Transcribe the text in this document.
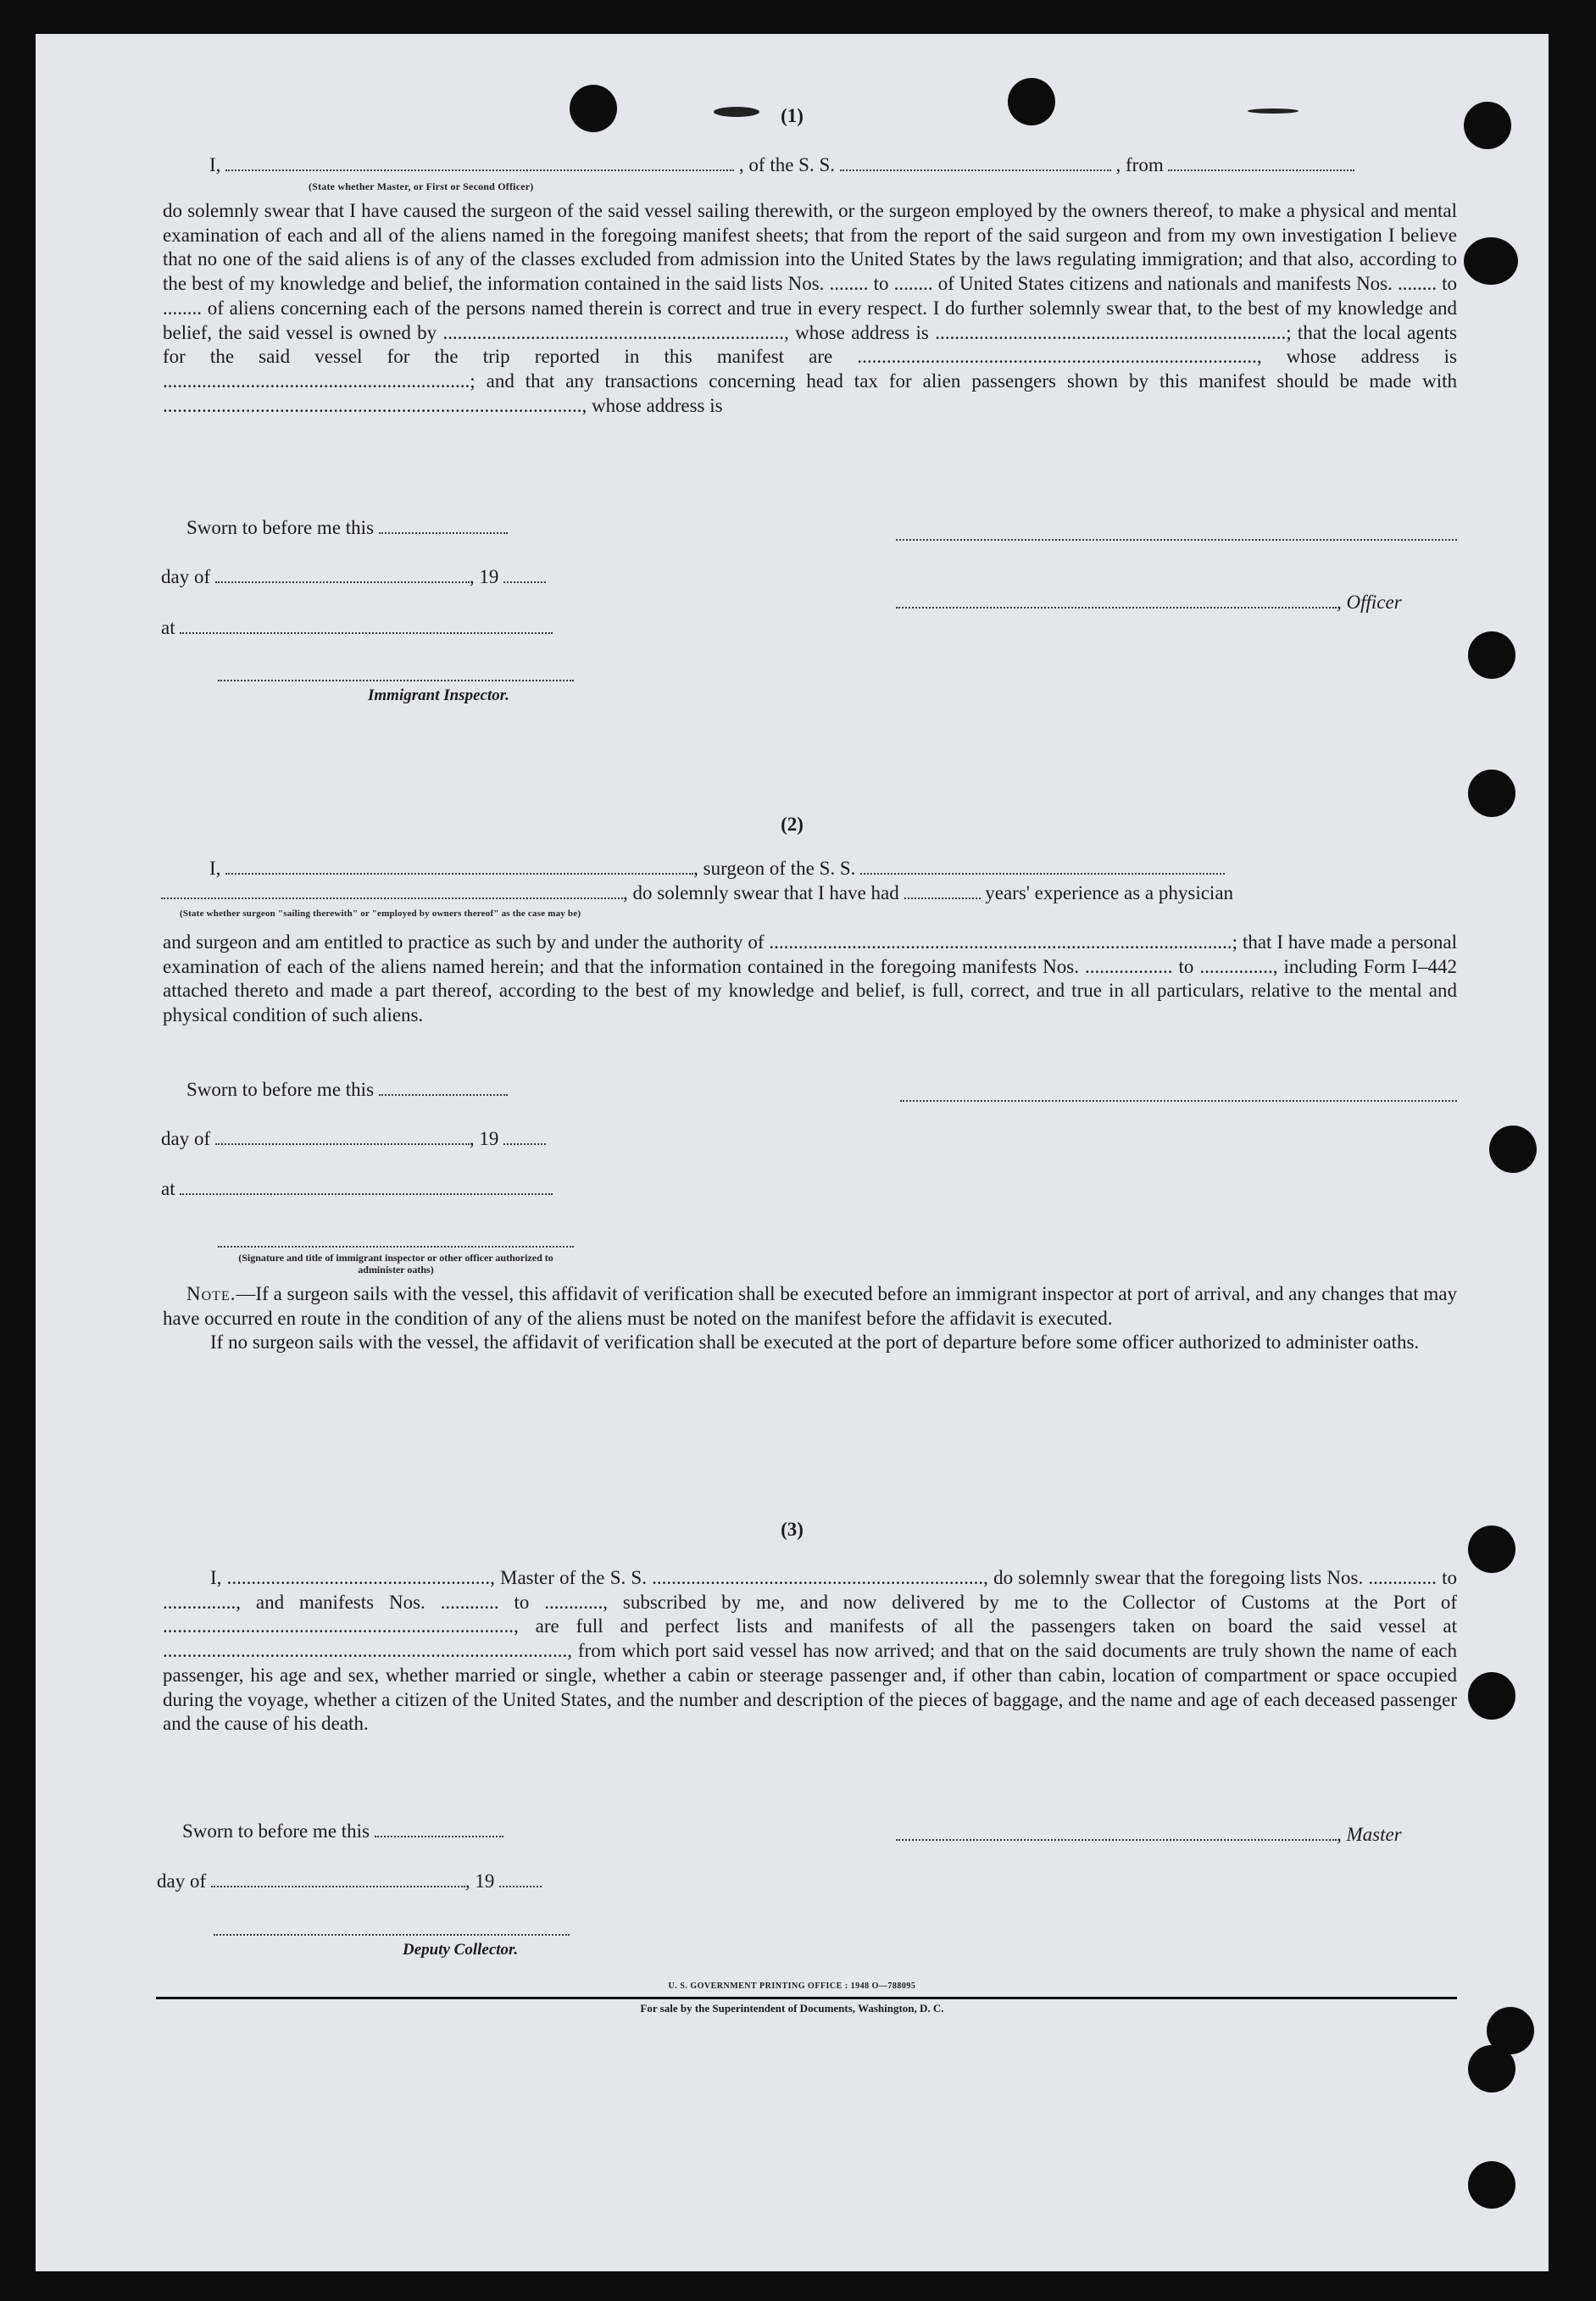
(1)
I,	, of the S. S.	, from
(State whether Master, or First or Second Officer)

do solemnly swear that I have caused the surgeon of the said vessel sailing therewith, or the surgeon employed by the owners thereof, to make a physical and mental examination of each and all of the aliens named in the foregoing manifest sheets; that from the report of the said surgeon and from my own investigation I believe that no one of the said aliens is of any of the classes excluded from admission into the United States by the laws regulating immigration; and that also, according to the best of my knowledge and belief, the information contained in the said lists Nos. ........ to ........ of United States citizens and nationals and manifests Nos. ........ to ........ of aliens concerning each of the persons named therein is correct and true in every respect. I do further solemnly swear that, to the best of my knowledge and belief, the said vessel is owned by ......................................................................, whose address is ........................................................................; that the local agents for the said vessel for the trip reported in this manifest are .................................................................................., whose address is ...............................................................; and that any transactions concerning head tax for alien passengers shown by this manifest should be made with ......................................................................................, whose address is

Sworn to before me this
day of	, 19
, Officer
at
Immigrant Inspector.
(2)
I,	, surgeon of the S. S.
, do solemnly swear that I have had	years' experience as a physician
(State whether surgeon "sailing therewith" or "employed by owners thereof" as the case may be)

and surgeon and am entitled to practice as such by and under the authority of ...............................................................................................; that I have made a personal examination of each of the aliens named herein; and that the information contained in the foregoing manifests Nos. .................. to ..............., including Form I–442 attached thereto and made a part thereof, according to the best of my knowledge and belief, is full, correct, and true in all particulars, relative to the mental and physical condition of such aliens.

Sworn to before me this
day of	, 19
at
(Signature and title of immigrant inspector or other officer authorized to administer oaths)

Note.—If a surgeon sails with the vessel, this affidavit of verification shall be executed before an immigrant inspector at port of arrival, and any changes that may have occurred en route in the condition of any of the aliens must be noted on the manifest before the affidavit is executed.

If no surgeon sails with the vessel, the affidavit of verification shall be executed at the port of departure before some officer authorized to administer oaths.

(3)

I, ......................................................, Master of the S. S. ...................................................................., do solemnly swear that the foregoing lists Nos. .............. to ..............., and manifests Nos. ............ to ............, subscribed by me, and now delivered by me to the Collector of Customs at the Port of ........................................................................, are full and perfect lists and manifests of all the passengers taken on board the said vessel at ..................................................................................., from which port said vessel has now arrived; and that on the said documents are truly shown the name of each passenger, his age and sex, whether married or single, whether a cabin or steerage passenger and, if other than cabin, location of compartment or space occupied during the voyage, whether a citizen of the United States, and the number and description of the pieces of baggage, and the name and age of each deceased passenger and the cause of his death.

Sworn to before me this	, Master
day of	, 19
Deputy Collector.
U. S. GOVERNMENT PRINTING OFFICE : 1948 O—788095
For sale by the Superintendent of Documents, Washington, D. C.
